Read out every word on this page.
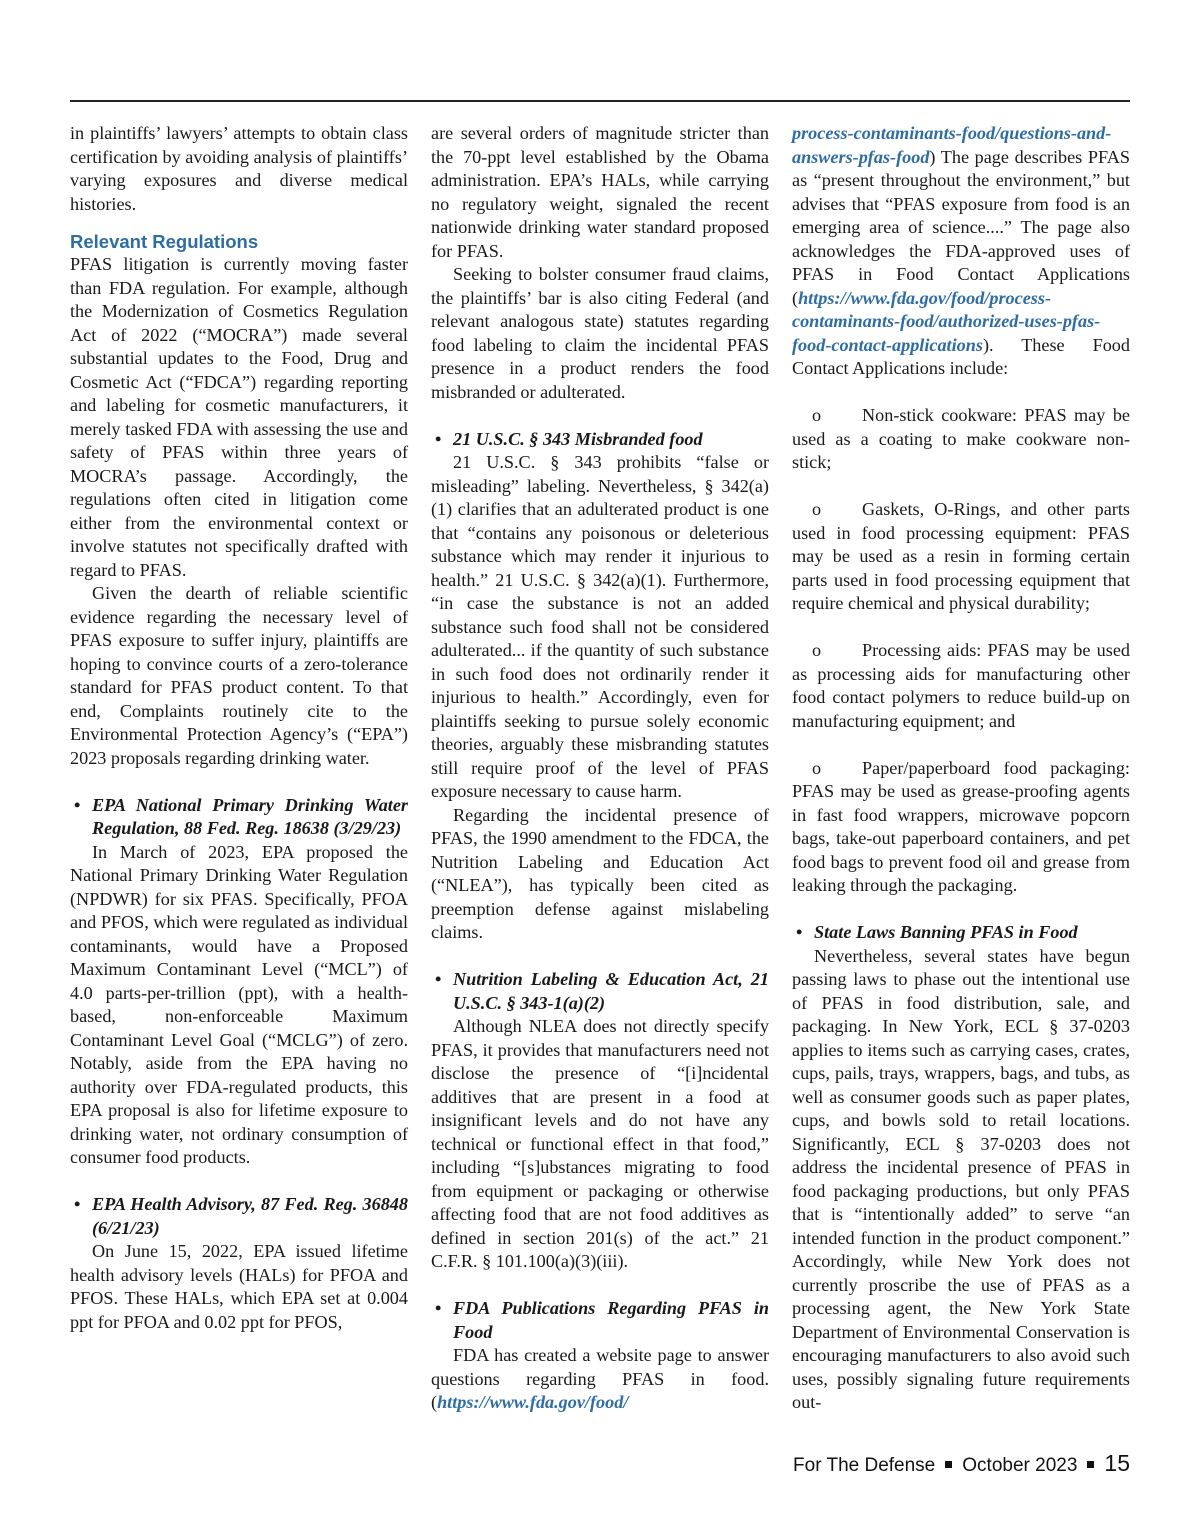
in plaintiffs’ lawyers’ attempts to obtain class certification by avoiding analysis of plaintiffs’ varying exposures and diverse medical histories.

Relevant Regulations

PFAS litigation is currently moving faster than FDA regulation. For example, although the Modernization of Cosmetics Regulation Act of 2022 (“MOCRA”) made several substantial updates to the Food, Drug and Cosmetic Act (“FDCA”) regarding reporting and labeling for cosmetic manufacturers, it merely tasked FDA with assessing the use and safety of PFAS within three years of MOCRA’s passage. Accordingly, the regulations often cited in litigation come either from the environmental context or involve statutes not specifically drafted with regard to PFAS.

Given the dearth of reliable scientific evidence regarding the necessary level of PFAS exposure to suffer injury, plaintiffs are hoping to convince courts of a zero-tolerance standard for PFAS product content. To that end, Complaints routinely cite to the Environmental Protection Agency’s (“EPA”) 2023 proposals regarding drinking water.

• EPA National Primary Drinking Water Regulation, 88 Fed. Reg. 18638 (3/29/23)

In March of 2023, EPA proposed the National Primary Drinking Water Regulation (NPDWR) for six PFAS. Specifically, PFOA and PFOS, which were regulated as individual contaminants, would have a Proposed Maximum Contaminant Level (“MCL”) of 4.0 parts-per-trillion (ppt), with a health-based, non-enforceable Maximum Contaminant Level Goal (“MCLG”) of zero. Notably, aside from the EPA having no authority over FDA-regulated products, this EPA proposal is also for lifetime exposure to drinking water, not ordinary consumption of consumer food products.

• EPA Health Advisory, 87 Fed. Reg. 36848 (6/21/23)

On June 15, 2022, EPA issued lifetime health advisory levels (HALs) for PFOA and PFOS. These HALs, which EPA set at 0.004 ppt for PFOA and 0.02 ppt for PFOS,

are several orders of magnitude stricter than the 70-ppt level established by the Obama administration. EPA’s HALs, while carrying no regulatory weight, signaled the recent nationwide drinking water standard proposed for PFAS.

Seeking to bolster consumer fraud claims, the plaintiffs’ bar is also citing Federal (and relevant analogous state) statutes regarding food labeling to claim the incidental PFAS presence in a product renders the food misbranded or adulterated.

• 21 U.S.C. § 343 Misbranded food

21 U.S.C. § 343 prohibits “false or misleading” labeling. Nevertheless, § 342(a)(1) clarifies that an adulterated product is one that “contains any poisonous or deleterious substance which may render it injurious to health.” 21 U.S.C. § 342(a)(1). Furthermore, “in case the substance is not an added substance such food shall not be considered adulterated... if the quantity of such substance in such food does not ordinarily render it injurious to health.” Accordingly, even for plaintiffs seeking to pursue solely economic theories, arguably these misbranding statutes still require proof of the level of PFAS exposure necessary to cause harm.

Regarding the incidental presence of PFAS, the 1990 amendment to the FDCA, the Nutrition Labeling and Education Act (“NLEA”), has typically been cited as preemption defense against mislabeling claims.

• Nutrition Labeling & Education Act, 21 U.S.C. § 343-1(a)(2)

Although NLEA does not directly specify PFAS, it provides that manufacturers need not disclose the presence of “[i]ncidental additives that are present in a food at insignificant levels and do not have any technical or functional effect in that food,” including “[s]ubstances migrating to food from equipment or packaging or otherwise affecting food that are not food additives as defined in section 201(s) of the act.” 21 C.F.R. § 101.100(a)(3)(iii).

• FDA Publications Regarding PFAS in Food

FDA has created a website page to answer questions regarding PFAS in food. (https://www.fda.gov/food/

process-contaminants-food/questions-and-answers-pfas-food) The page describes PFAS as “present throughout the environment,” but advises that “PFAS exposure from food is an emerging area of science....” The page also acknowledges the FDA-approved uses of PFAS in Food Contact Applications (https://www.fda.gov/food/process-contaminants-food/authorized-uses-pfas-food-contact-applications). These Food Contact Applications include:

o Non-stick cookware: PFAS may be used as a coating to make cookware non-stick;

o Gaskets, O-Rings, and other parts used in food processing equipment: PFAS may be used as a resin in forming certain parts used in food processing equipment that require chemical and physical durability;

o Processing aids: PFAS may be used as processing aids for manufacturing other food contact polymers to reduce build-up on manufacturing equipment; and

o Paper/paperboard food packaging: PFAS may be used as grease-proofing agents in fast food wrappers, microwave popcorn bags, take-out paperboard containers, and pet food bags to prevent food oil and grease from leaking through the packaging.

• State Laws Banning PFAS in Food

Nevertheless, several states have begun passing laws to phase out the intentional use of PFAS in food distribution, sale, and packaging. In New York, ECL § 37-0203 applies to items such as carrying cases, crates, cups, pails, trays, wrappers, bags, and tubs, as well as consumer goods such as paper plates, cups, and bowls sold to retail locations. Significantly, ECL § 37-0203 does not address the incidental presence of PFAS in food packaging productions, but only PFAS that is “intentionally added” to serve “an intended function in the product component.” Accordingly, while New York does not currently proscribe the use of PFAS as a processing agent, the New York State Department of Environmental Conservation is encouraging manufacturers to also avoid such uses, possibly signaling future requirements out-

For The Defense October 2023 15
